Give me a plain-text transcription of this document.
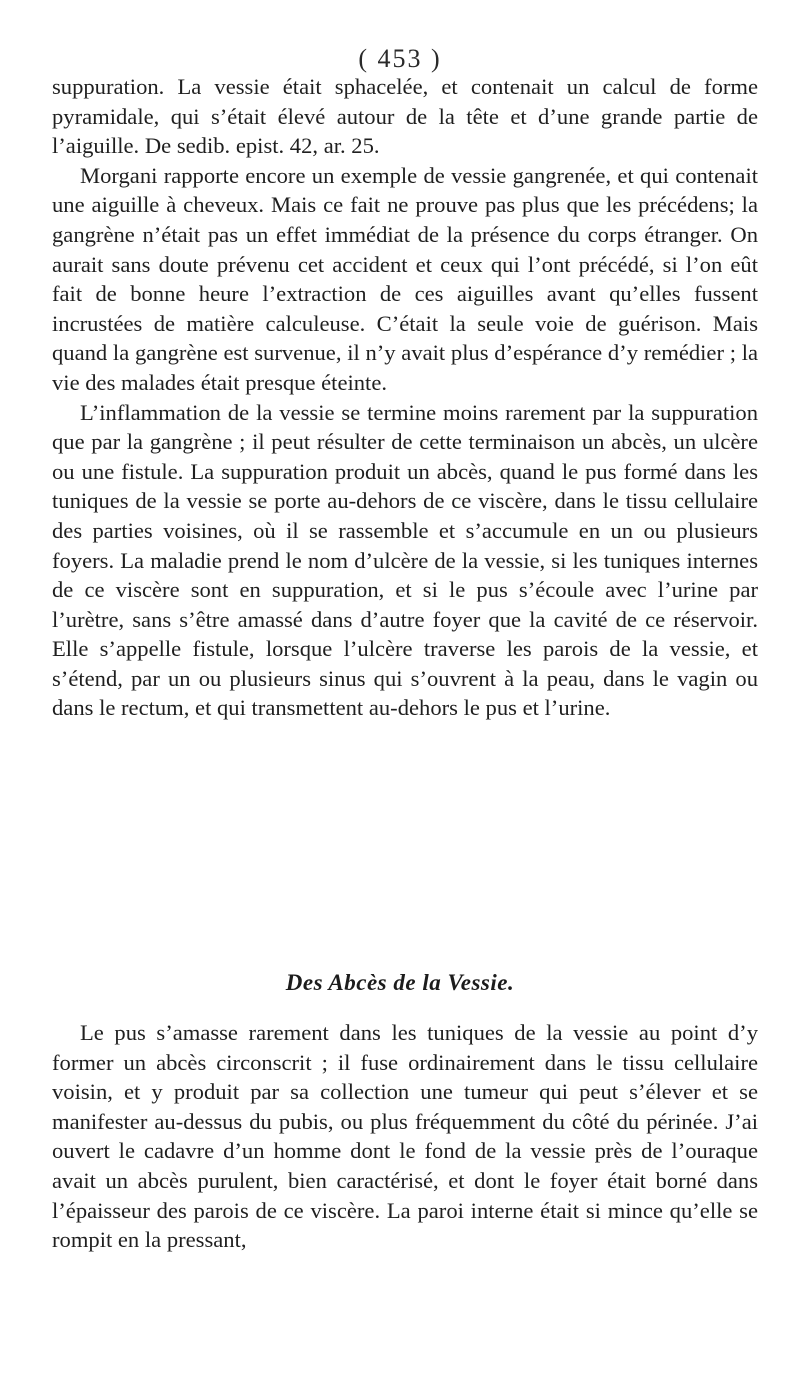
( 453 )

suppuration. La vessie était sphacelée, et contenait un calcul de forme pyramidale, qui s’était élevé autour de la tête et d’une grande partie de l’aiguille. De sedib. epist. 42, ar. 25.

Morgani rapporte encore un exemple de vessie gangrenée, et qui contenait une aiguille à cheveux. Mais ce fait ne prouve pas plus que les précédens; la gangrène n’était pas un effet immédiat de la présence du corps étranger. On aurait sans doute prévenu cet accident et ceux qui l’ont précédé, si l’on eût fait de bonne heure l’extraction de ces aiguilles avant qu’elles fussent incrustées de matière calculeuse. C’était la seule voie de guérison. Mais quand la gangrène est survenue, il n’y avait plus d’espérance d’y remédier ; la vie des malades était presque éteinte.

L’inflammation de la vessie se termine moins rarement par la suppuration que par la gangrène ; il peut résulter de cette terminaison un abcès, un ulcère ou une fistule. La suppuration produit un abcès, quand le pus formé dans les tuniques de la vessie se porte au-dehors de ce viscère, dans le tissu cellulaire des parties voisines, où il se rassemble et s’accumule en un ou plusieurs foyers. La maladie prend le nom d’ulcère de la vessie, si les tuniques internes de ce viscère sont en suppuration, et si le pus s’écoule avec l’urine par l’urètre, sans s’être amassé dans d’autre foyer que la cavité de ce réservoir. Elle s’appelle fistule, lorsque l’ulcère traverse les parois de la vessie, et s’étend, par un ou plusieurs sinus qui s’ouvrent à la peau, dans le vagin ou dans le rectum, et qui transmettent au-dehors le pus et l’urine.

Des Abcès de la Vessie.

Le pus s’amasse rarement dans les tuniques de la vessie au point d’y former un abcès circonscrit ; il fuse ordinairement dans le tissu cellulaire voisin, et y produit par sa collection une tumeur qui peut s’élever et se manifester au-dessus du pubis, ou plus fréquemment du côté du périnée. J’ai ouvert le cadavre d’un homme dont le fond de la vessie près de l’ouraque avait un abcès purulent, bien caractérisé, et dont le foyer était borné dans l’épaisseur des parois de ce viscère. La paroi interne était si mince qu’elle se rompit en la pressant,
